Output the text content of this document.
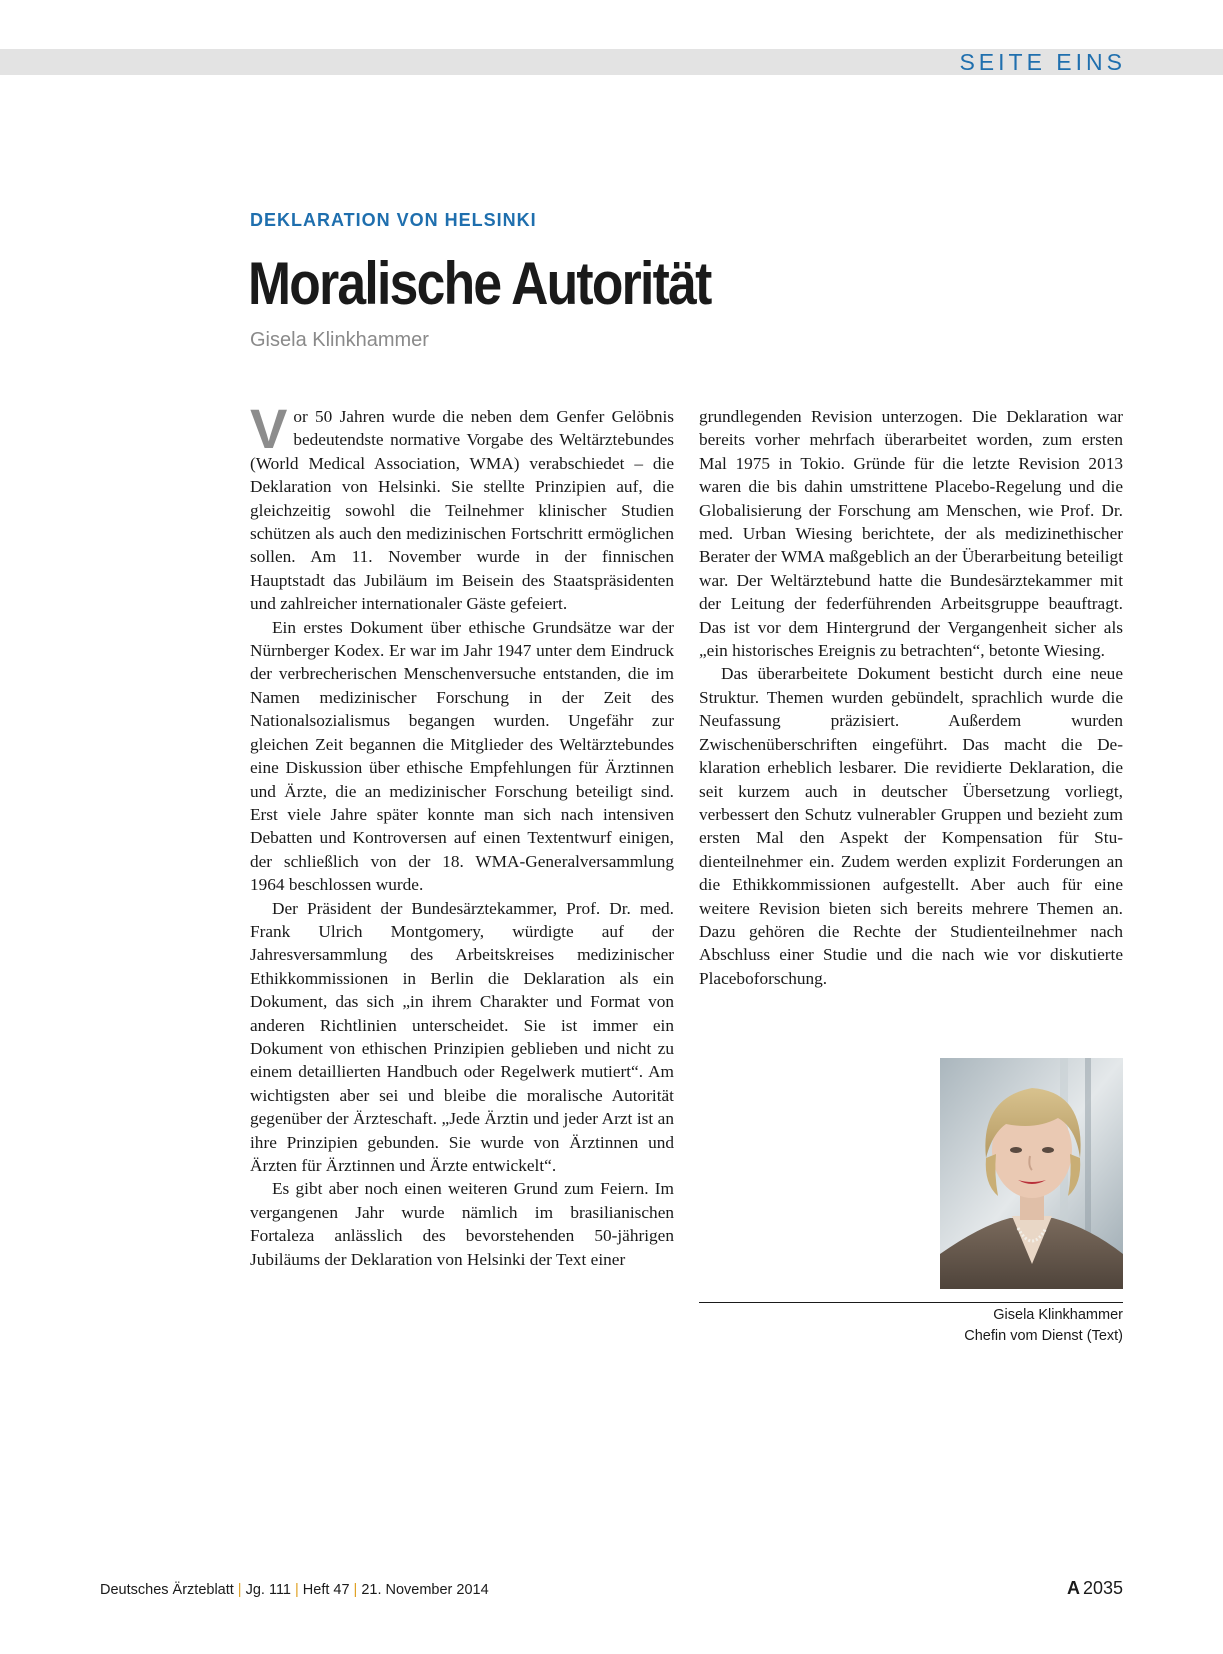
SEITE EINS
DEKLARATION VON HELSINKI
Moralische Autorität
Gisela Klinkhammer

Vor 50 Jahren wurde die neben dem Genfer Gelöbnis bedeutendste normative Vorgabe des Weltärztebundes (World Medical Association, WMA) verabschiedet – die Deklaration von Helsinki. Sie stellte Prinzipien auf, die gleichzeitig sowohl die Teilnehmer klinischer Studien schützen als auch den medizinischen Fortschritt ermöglichen sollen. Am 11. November wurde in der finnischen Hauptstadt das Jubiläum im Beisein des Staatspräsidenten und zahlreicher internationaler Gäste gefeiert.

Ein erstes Dokument über ethische Grundsätze war der Nürnberger Kodex. Er war im Jahr 1947 unter dem Eindruck der verbrecherischen Menschenversuche entstanden, die im Namen medizinischer Forschung in der Zeit des Nationalsozialismus begangen wurden. Ungefähr zur gleichen Zeit begannen die Mitglieder des Weltärztebundes eine Diskussion über ethische Empfehlungen für Ärztinnen und Ärzte, die an medizinischer Forschung beteiligt sind. Erst viele Jahre später konnte man sich nach intensiven Debatten und Kontroversen auf einen Textentwurf einigen, der schließlich von der 18. WMA-Generalversammlung 1964 beschlossen wurde.

Der Präsident der Bundesärztekammer, Prof. Dr. med. Frank Ulrich Montgomery, würdigte auf der Jahresversammlung des Arbeitskreises medizinischer Ethikkommissionen in Berlin die Deklaration als ein Dokument, das sich „in ihrem Charakter und Format von anderen Richtlinien unterscheidet. Sie ist immer ein Dokument von ethischen Prinzipien geblieben und nicht zu einem detaillierten Handbuch oder Regelwerk mutiert“. Am wichtigsten aber sei und bleibe die moralische Autorität gegenüber der Ärzteschaft. „Jede Ärztin und jeder Arzt ist an ihre Prinzipien gebunden. Sie wurde von Ärztinnen und Ärzten für Ärztinnen und Ärzte entwickelt“.

Es gibt aber noch einen weiteren Grund zum Feiern. Im vergangenen Jahr wurde nämlich im brasilianischen Fortaleza anlässlich des bevorstehenden 50-jährigen Jubiläums der Deklaration von Helsinki der Text einer

grundlegenden Revision unterzogen. Die Deklaration war bereits vorher mehrfach überarbeitet worden, zum ersten Mal 1975 in Tokio. Gründe für die letzte Revision 2013 waren die bis dahin umstrittene Placebo-Regelung und die Globalisierung der Forschung am Menschen, wie Prof. Dr. med. Urban Wiesing berichtete, der als medizinethischer Berater der WMA maßgeblich an der Überarbeitung beteiligt war. Der Weltärztebund hatte die Bundesärztekammer mit der Leitung der federführenden Arbeitsgruppe beauftragt. Das ist vor dem Hintergrund der Vergangenheit sicher als „ein historisches Ereignis zu betrachten“, betonte Wiesing.

Das überarbeitete Dokument besticht durch eine neue Struktur. Themen wurden gebündelt, sprachlich wurde die Neufassung präzisiert. Außerdem wurden Zwischenüberschriften eingeführt. Das macht die Deklaration erheblich lesbarer. Die revidierte Deklaration, die seit kurzem auch in deutscher Übersetzung vorliegt, verbessert den Schutz vulnerabler Gruppen und bezieht zum ersten Mal den Aspekt der Kompensation für Studienteilnehmer ein. Zudem werden explizit Forderungen an die Ethikkommissionen aufgestellt. Aber auch für eine weitere Revision bieten sich bereits mehrere Themen an. Dazu gehören die Rechte der Studienteilnehmer nach Abschluss einer Studie und die nach wie vor diskutierte Placeboforschung.

Gisela Klinkhammer
Chefin vom Dienst (Text)
Deutsches Ärzteblatt | Jg. 111 | Heft 47 | 21. November 2014	A 2035
